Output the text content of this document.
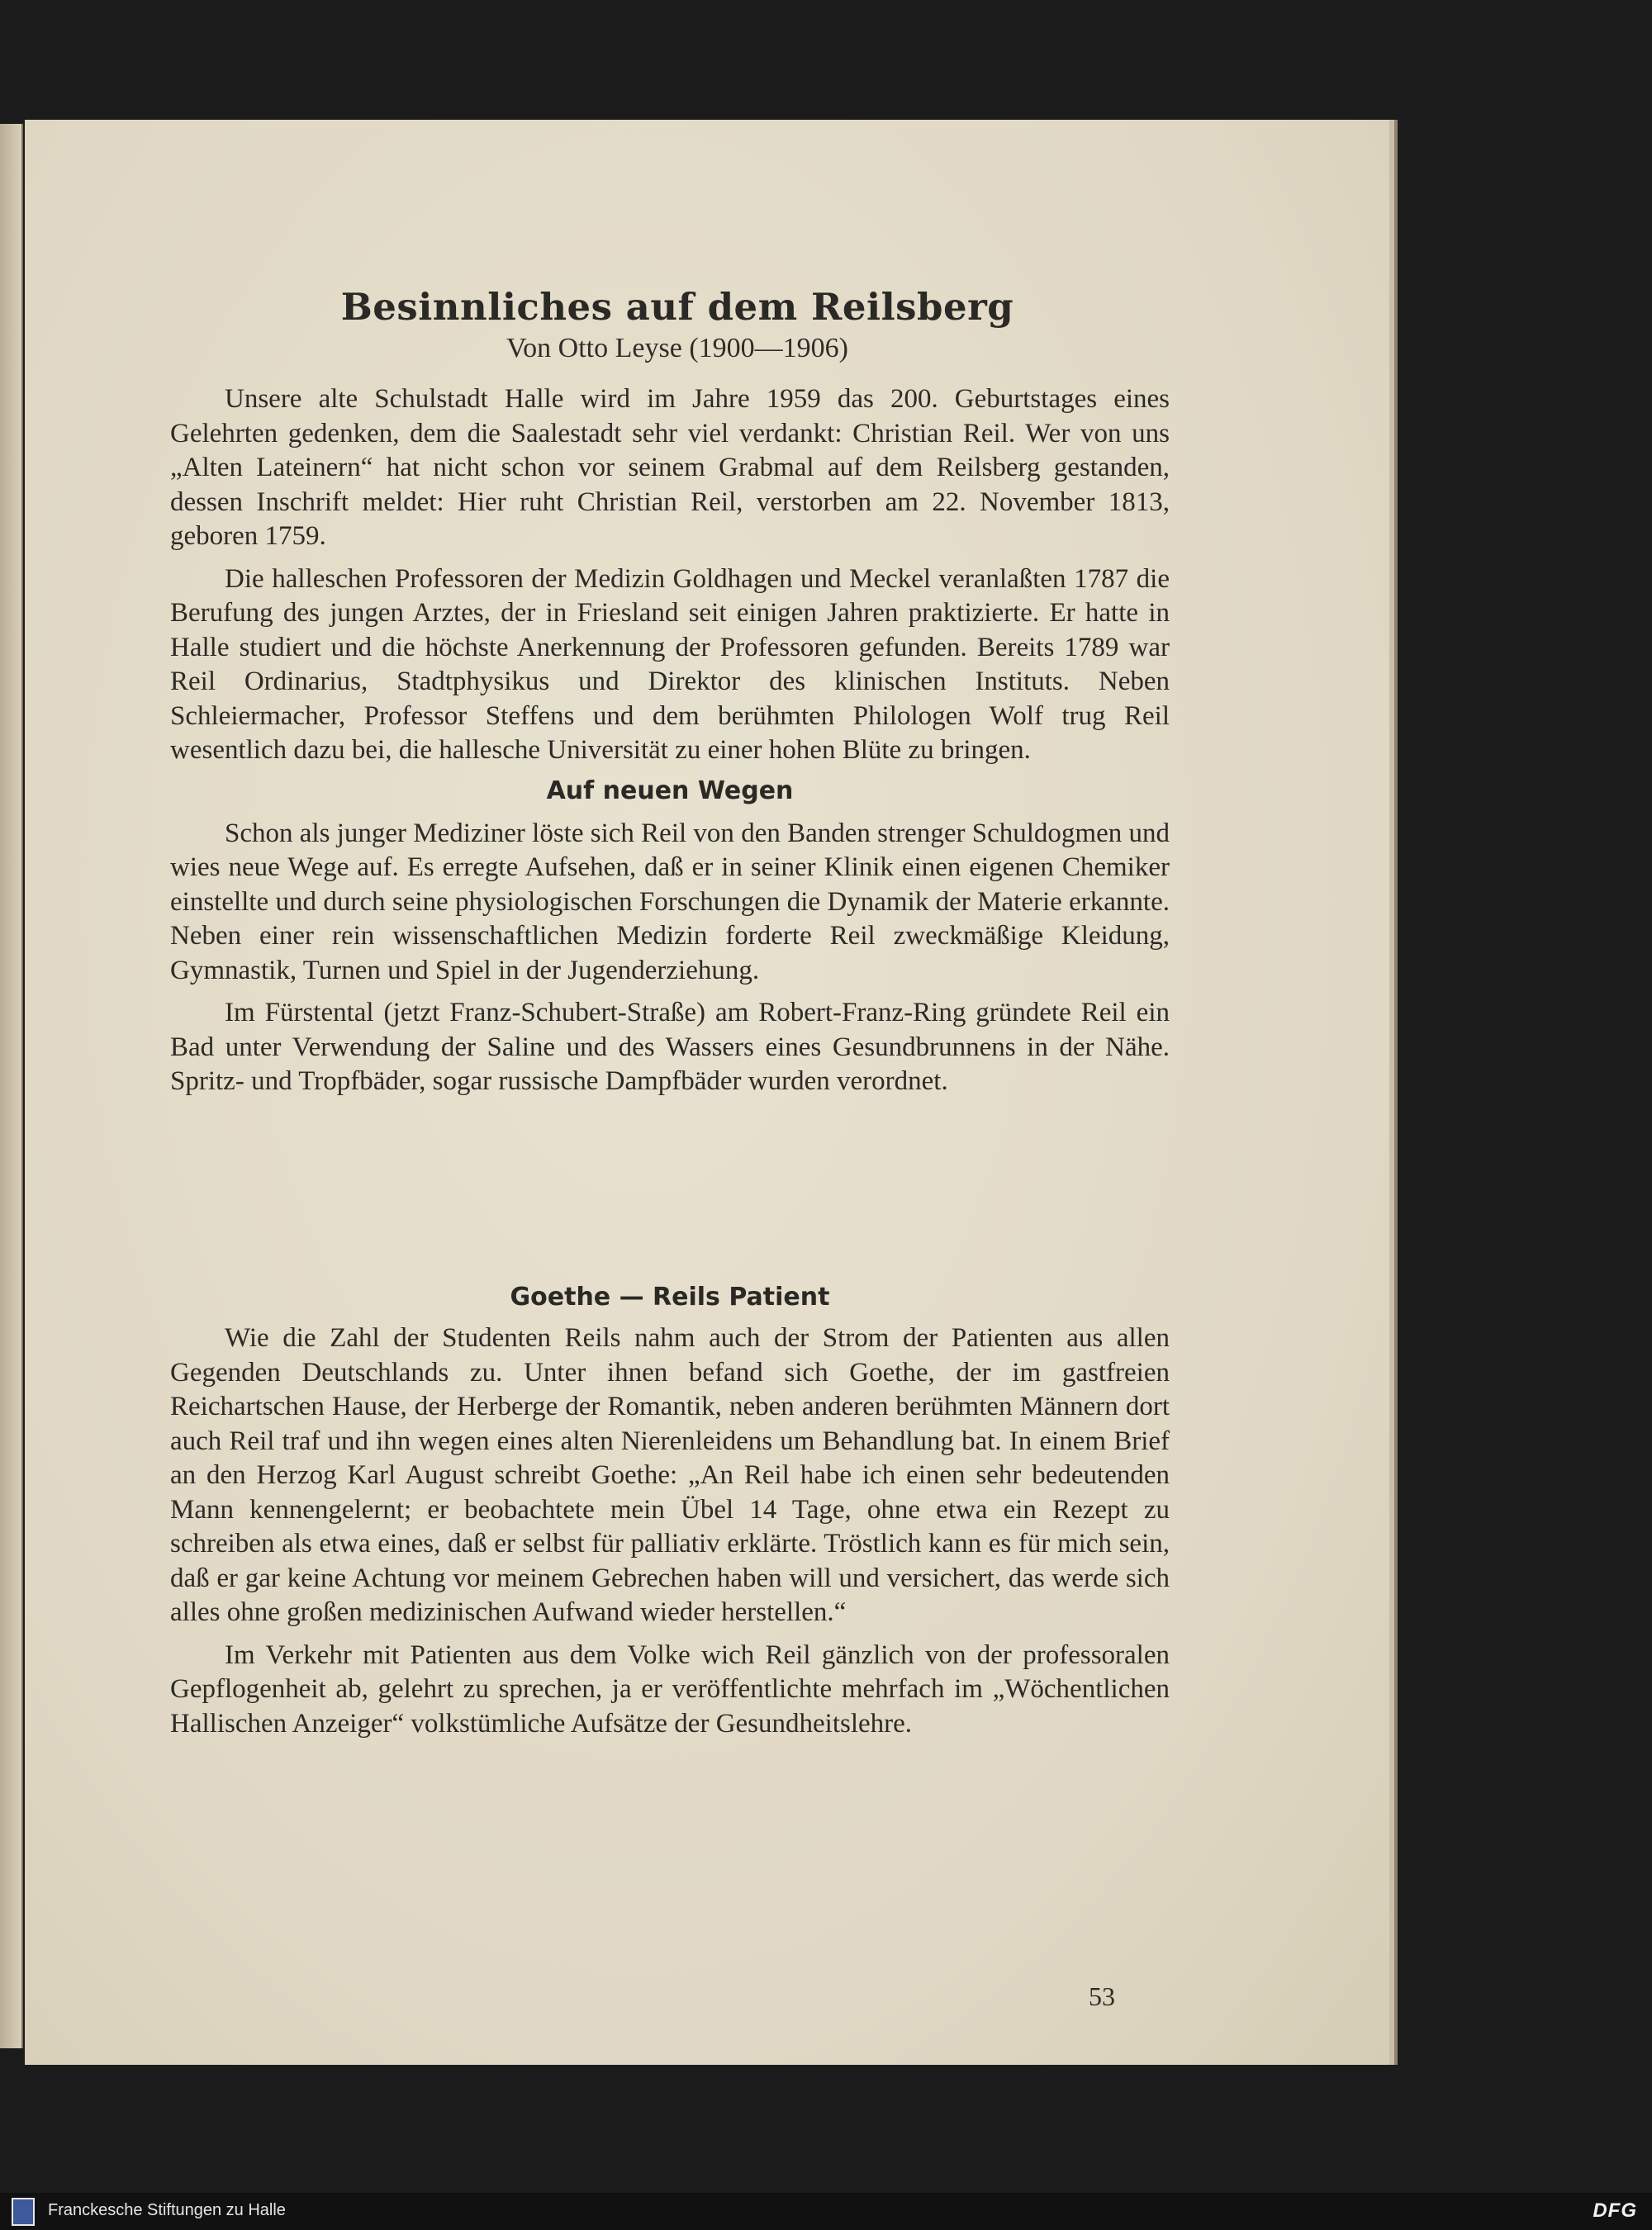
Besinnliches auf dem Reilsberg
Von Otto Leyse (1900—1906)

Unsere alte Schulstadt Halle wird im Jahre 1959 das 200. Geburtstages eines Gelehrten gedenken, dem die Saalestadt sehr viel verdankt: Christian Reil. Wer von uns „Alten Lateinern“ hat nicht schon vor seinem Grabmal auf dem Reilsberg gestanden, dessen Inschrift meldet: Hier ruht Christian Reil, verstorben am 22. November 1813, geboren 1759.

Die halleschen Professoren der Medizin Goldhagen und Meckel veranlaßten 1787 die Berufung des jungen Arztes, der in Friesland seit einigen Jahren praktizierte. Er hatte in Halle studiert und die höchste Anerkennung der Professoren gefunden. Bereits 1789 war Reil Ordinarius, Stadtphysikus und Direktor des klinischen Instituts. Neben Schleiermacher, Professor Steffens und dem berühmten Philologen Wolf trug Reil wesentlich dazu bei, die hallesche Universität zu einer hohen Blüte zu bringen.

Auf neuen Wegen

Schon als junger Mediziner löste sich Reil von den Banden strenger Schuldogmen und wies neue Wege auf. Es erregte Aufsehen, daß er in seiner Klinik einen eigenen Chemiker einstellte und durch seine physiologischen Forschungen die Dynamik der Materie erkannte. Neben einer rein wissenschaftlichen Medizin forderte Reil zweckmäßige Kleidung, Gymnastik, Turnen und Spiel in der Jugenderziehung.

Im Fürstental (jetzt Franz-Schubert-Straße) am Robert-Franz-Ring gründete Reil ein Bad unter Verwendung der Saline und des Wassers eines Gesundbrunnens in der Nähe. Spritz- und Tropfbäder, sogar russische Dampfbäder wurden verordnet.

Goethe — Reils Patient

Wie die Zahl der Studenten Reils nahm auch der Strom der Patienten aus allen Gegenden Deutschlands zu. Unter ihnen befand sich Goethe, der im gastfreien Reichartschen Hause, der Herberge der Romantik, neben anderen berühmten Männern dort auch Reil traf und ihn wegen eines alten Nierenleidens um Behandlung bat. In einem Brief an den Herzog Karl August schreibt Goethe: „An Reil habe ich einen sehr bedeutenden Mann kennengelernt; er beobachtete mein Übel 14 Tage, ohne etwa ein Rezept zu schreiben als etwa eines, daß er selbst für palliativ erklärte. Tröstlich kann es für mich sein, daß er gar keine Achtung vor meinem Gebrechen haben will und versichert, das werde sich alles ohne großen medizinischen Aufwand wieder herstellen.“

Im Verkehr mit Patienten aus dem Volke wich Reil gänzlich von der professoralen Gepflogenheit ab, gelehrt zu sprechen, ja er veröffentlichte mehrfach im „Wöchentlichen Hallischen Anzeiger“ volkstümliche Aufsätze der Gesundheitslehre.

53
Franckesche Stiftungen zu Halle	DFG
